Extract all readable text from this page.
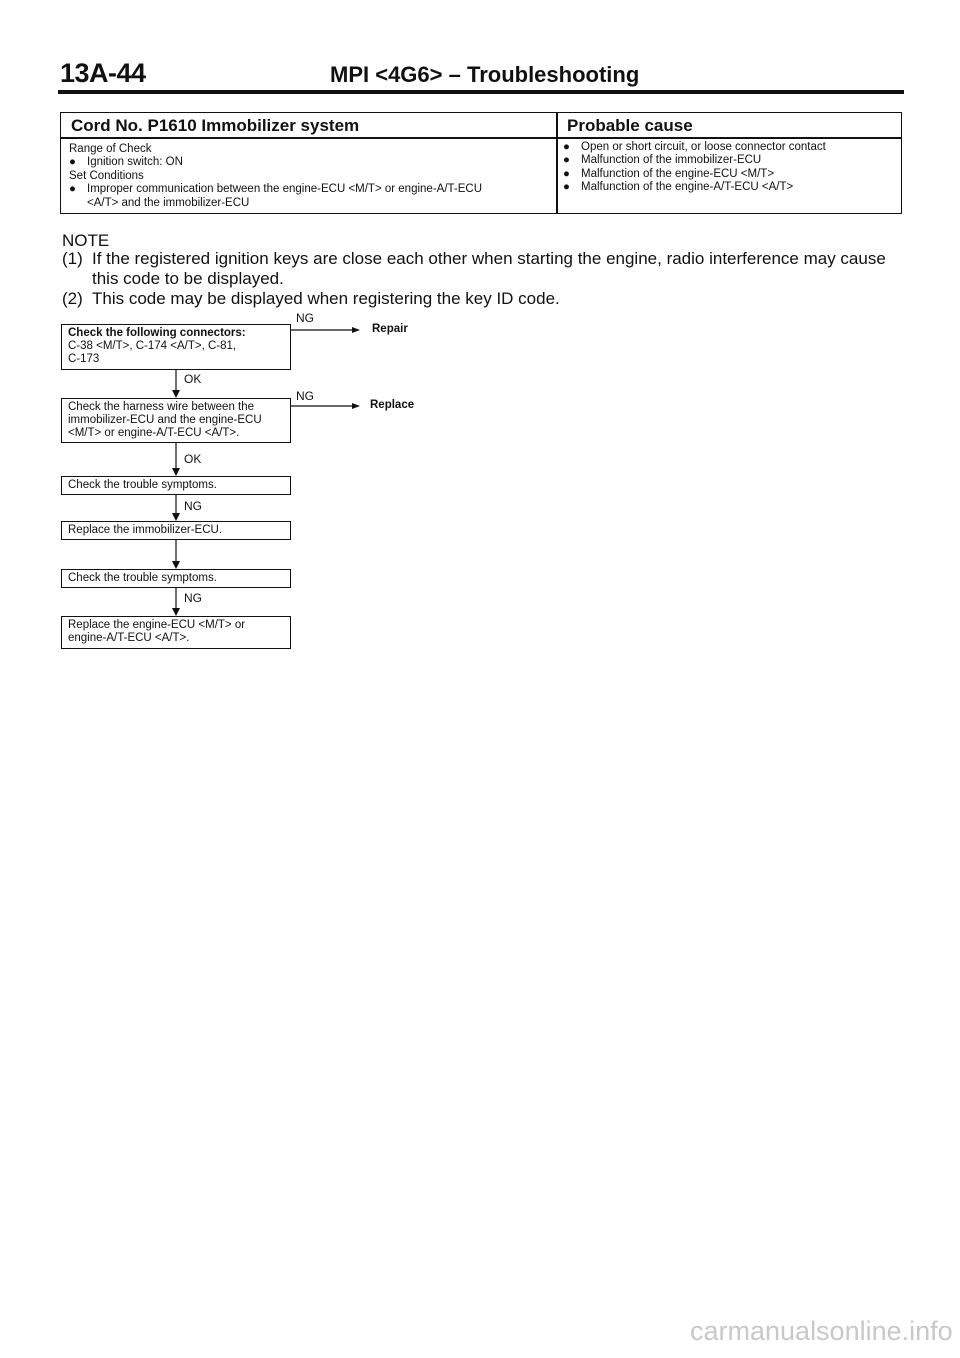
13A-44	MPI <4G6> – Troubleshooting
Cord No. P1610 Immobilizer system	Probable cause
Range of Check
● Ignition switch: ON
Set Conditions
● Improper communication between the engine-ECU <M/T> or engine-A/T-ECU
<A/T> and the immobilizer-ECU
● Open or short circuit, or loose connector contact
● Malfunction of the immobilizer-ECU
● Malfunction of the engine-ECU <M/T>
● Malfunction of the engine-A/T-ECU <A/T>
NOTE
(1) If the registered ignition keys are close each other when starting the engine, radio interference may cause this code to be displayed.
(2) This code may be displayed when registering the key ID code.
Check the following connectors:
C-38 <M/T>, C-174 <A/T>, C-81,
C-173
NG
Repair
OK
Check the harness wire between the
immobilizer-ECU and the engine-ECU
<M/T> or engine-A/T-ECU <A/T>.
NG
Replace
OK
Check the trouble symptoms.
NG
Replace the immobilizer-ECU.
Check the trouble symptoms.
NG
Replace the engine-ECU <M/T> or
engine-A/T-ECU <A/T>.
carmanualsonline.info
